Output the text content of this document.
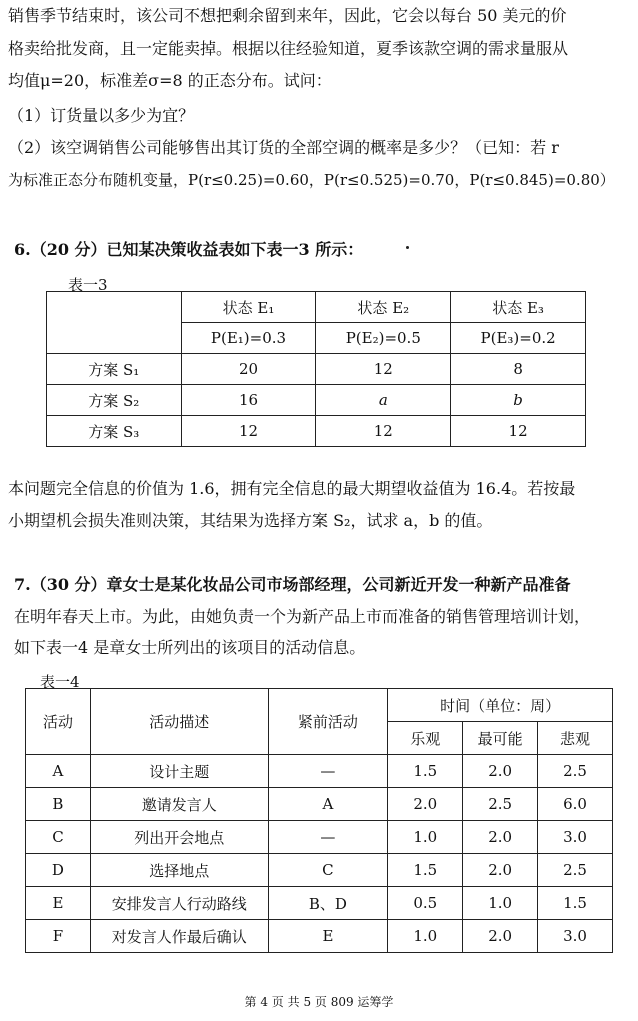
销售季节结束时，该公司不想把剩余留到来年，因此，它会以每台 50 美元的价
格卖给批发商，且一定能卖掉。根据以往经验知道，夏季该款空调的需求量服从
均值μ=20，标准差σ=8 的正态分布。试问：
（1）订货量以多少为宜？
（2）该空调销售公司能够售出其订货的全部空调的概率是多少？（已知：若 r
为标准正态分布随机变量，P(r≤0.25)=0.60，P(r≤0.525)=0.70，P(r≤0.845)=0.80）
6.（20 分）已知某决策收益表如下表一3 所示：
表一3
	状态 E₁	状态 E₂	状态 E₃
	P(E₁)=0.3	P(E₂)=0.5	P(E₃)=0.2
方案 S₁	20	12	8
方案 S₂	16	a	b
方案 S₃	12	12	12
本问题完全信息的价值为 1.6，拥有完全信息的最大期望收益值为 16.4。若按最
小期望机会损失准则决策，其结果为选择方案 S₂，试求 a，b 的值。
7.（30 分）章女士是某化妆品公司市场部经理，公司新近开发一种新产品准备
在明年春天上市。为此，由她负责一个为新产品上市而准备的销售管理培训计划，
如下表一4 是章女士所列出的该项目的活动信息。
表一4
活动	活动描述	紧前活动	时间（单位：周）		
			乐观	最可能	悲观
A	设计主题	—	1.5	2.0	2.5
B	邀请发言人	A	2.0	2.5	6.0
C	列出开会地点	—	1.0	2.0	3.0
D	选择地点	C	1.5	2.0	2.5
E	安排发言人行动路线	B、D	0.5	1.0	1.5
F	对发言人作最后确认	E	1.0	2.0	3.0
第 4 页 共 5 页 809 运筹学
